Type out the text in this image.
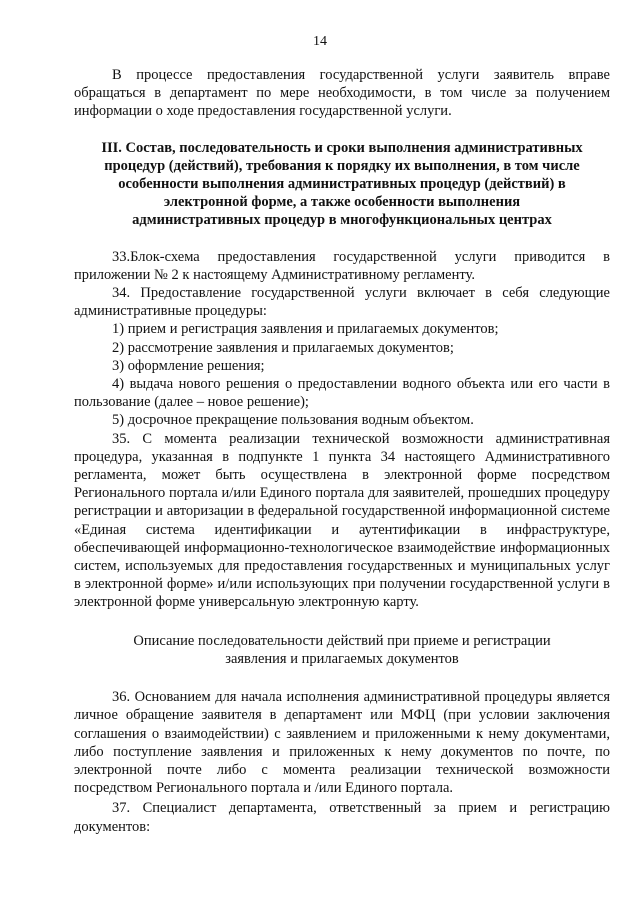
14

В процессе предоставления государственной услуги заявитель вправе обращаться в департамент по мере необходимости, в том числе за получением информации о ходе предоставления государственной услуги.

III. Состав, последовательность и сроки выполнения административных процедур (действий), требования к порядку их выполнения, в том числе особенности выполнения административных процедур (действий) в электронной форме, а также особенности выполнения административных процедур в многофункциональных центрах

33.Блок-схема предоставления государственной услуги приводится в приложении № 2 к настоящему Административному регламенту.

34. Предоставление государственной услуги включает в себя следующие административные процедуры:

1) прием и регистрация заявления и прилагаемых документов;

2) рассмотрение заявления и прилагаемых документов;

3) оформление решения;

4) выдача нового решения о предоставлении водного объекта или его части в пользование (далее – новое решение);

5) досрочное прекращение пользования водным объектом.

35. С момента реализации технической возможности административная процедура, указанная в подпункте 1 пункта 34 настоящего Административного регламента, может быть осуществлена в электронной форме посредством Регионального портала и/или Единого портала для заявителей, прошедших процедуру регистрации и авторизации в федеральной государственной информационной системе «Единая система идентификации и аутентификации в инфраструктуре, обеспечивающей информационно-технологическое взаимодействие информационных систем, используемых для предоставления государственных и муниципальных услуг в электронной форме» и/или использующих при получении государственной услуги в электронной форме универсальную электронную карту.

Описание последовательности действий при приеме и регистрации заявления и прилагаемых документов

36. Основанием для начала исполнения административной процедуры является личное обращение заявителя в департамент или МФЦ (при условии заключения соглашения о взаимодействии) с заявлением и приложенными к нему документами, либо поступление заявления и приложенных к нему документов по почте, по электронной почте либо с момента реализации технической возможности посредством Регионального портала и /или Единого портала.

37. Специалист департамента, ответственный за прием и регистрацию документов:
